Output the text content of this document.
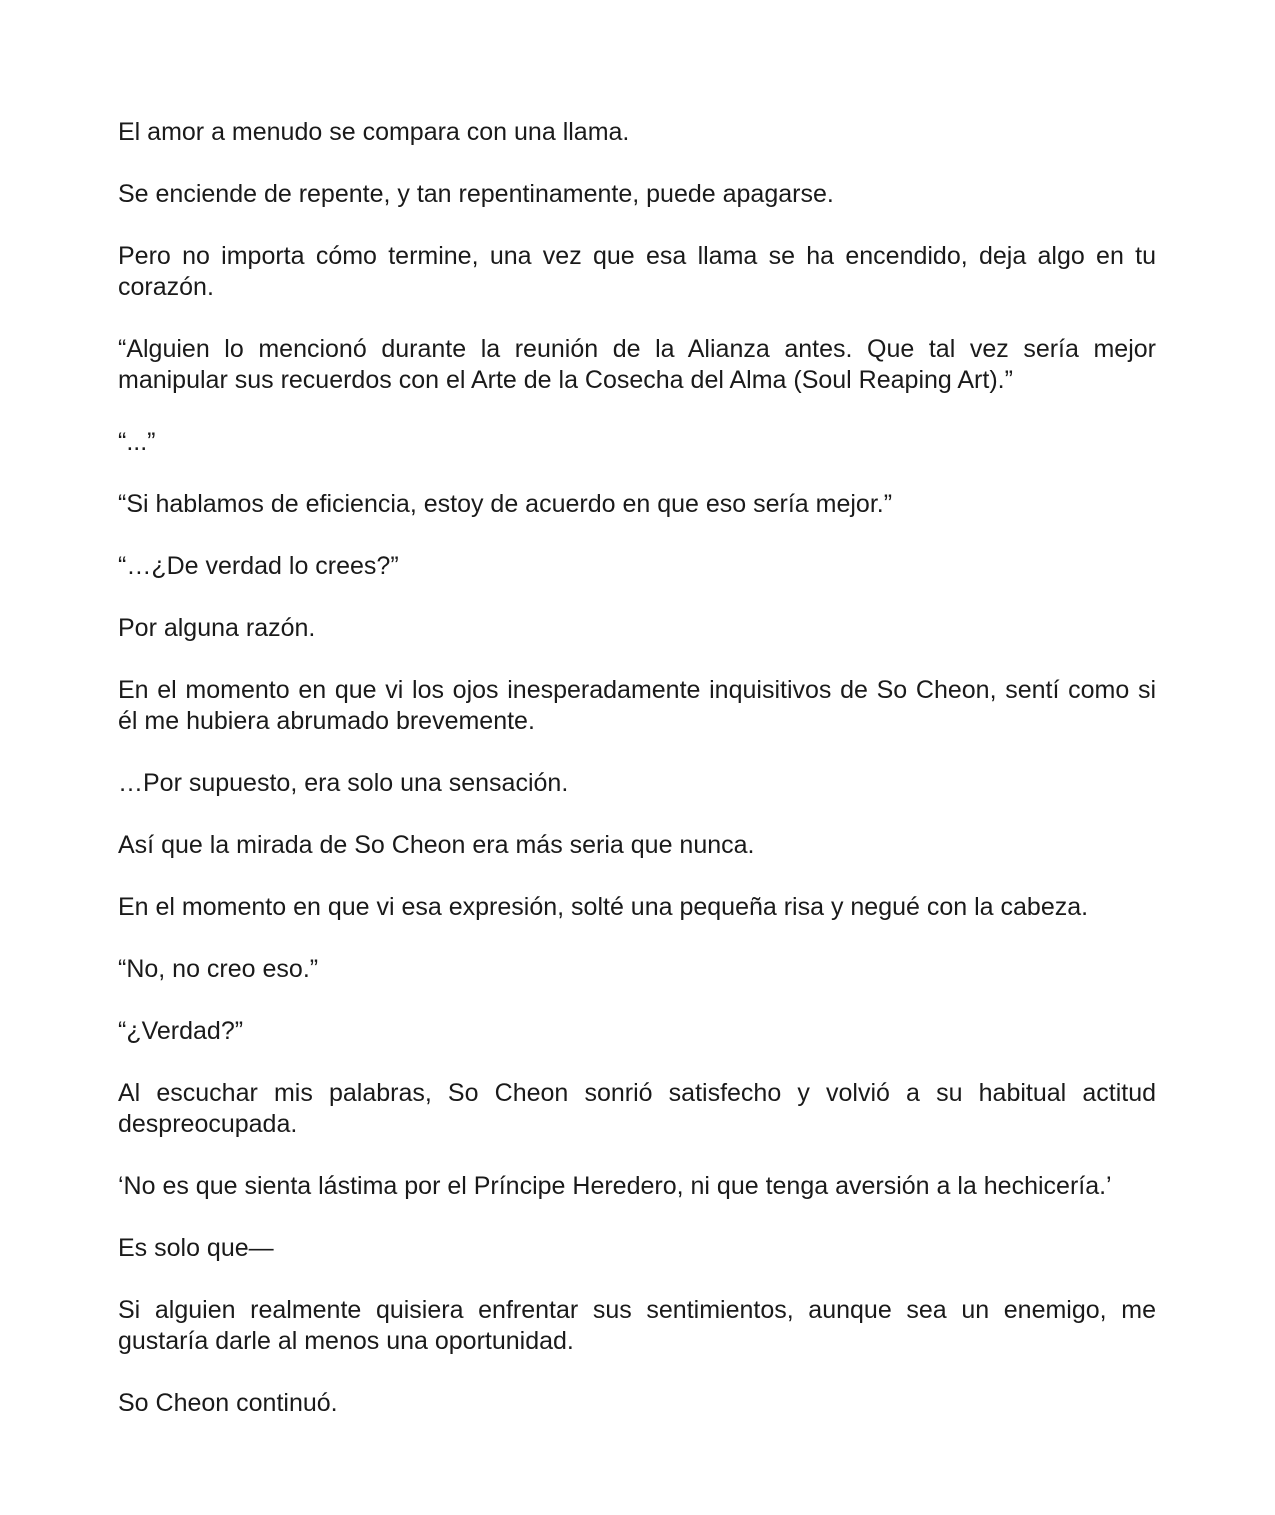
El amor a menudo se compara con una llama.

Se enciende de repente, y tan repentinamente, puede apagarse.

Pero no importa cómo termine, una vez que esa llama se ha encendido, deja algo en tu corazón.

“Alguien lo mencionó durante la reunión de la Alianza antes. Que tal vez sería mejor manipular sus recuerdos con el Arte de la Cosecha del Alma (Soul Reaping Art).”

“...”

“Si hablamos de eficiencia, estoy de acuerdo en que eso sería mejor.”

“…¿De verdad lo crees?”

Por alguna razón.

En el momento en que vi los ojos inesperadamente inquisitivos de So Cheon, sentí como si él me hubiera abrumado brevemente.

…Por supuesto, era solo una sensación.

Así que la mirada de So Cheon era más seria que nunca.

En el momento en que vi esa expresión, solté una pequeña risa y negué con la cabeza.

“No, no creo eso.”

“¿Verdad?”

Al escuchar mis palabras, So Cheon sonrió satisfecho y volvió a su habitual actitud despreocupada.

‘No es que sienta lástima por el Príncipe Heredero, ni que tenga aversión a la hechicería.’

Es solo que—

Si alguien realmente quisiera enfrentar sus sentimientos, aunque sea un enemigo, me gustaría darle al menos una oportunidad.

So Cheon continuó.
